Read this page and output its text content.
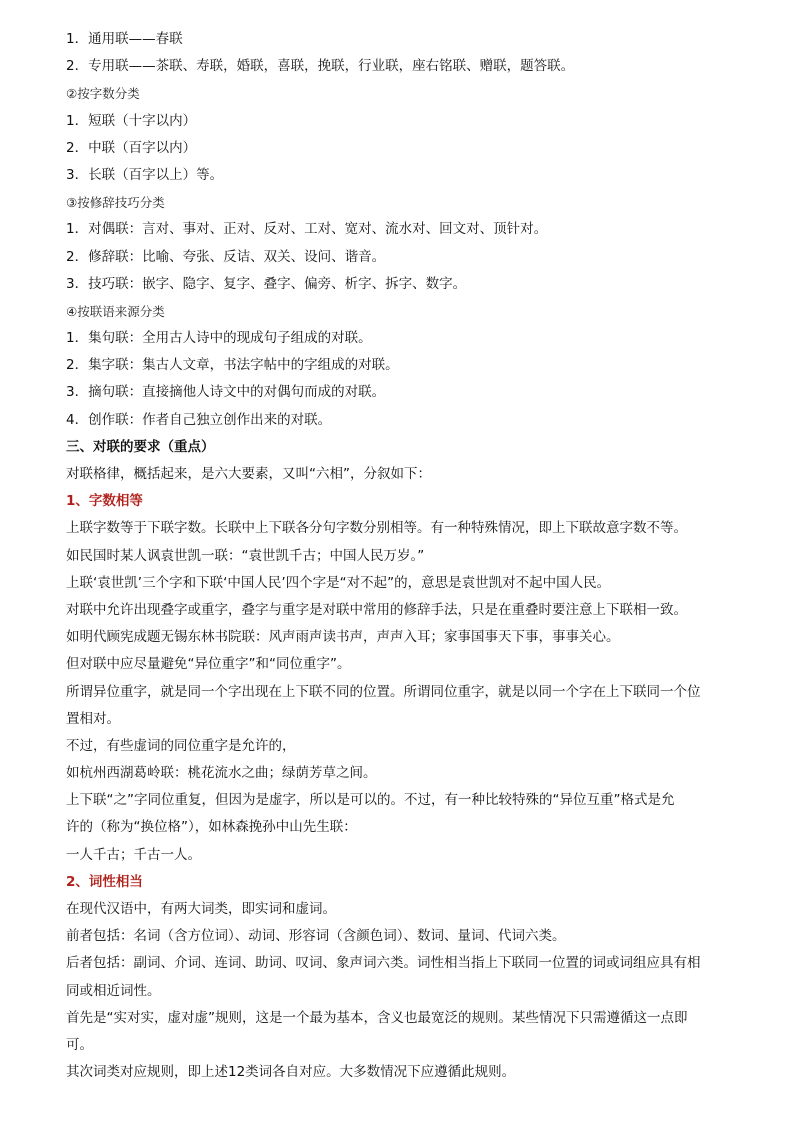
1．通用联——春联
2．专用联——茶联、寿联，婚联，喜联，挽联，行业联，座右铭联、赠联，题答联。
②按字数分类
1．短联（十字以内）
2．中联（百字以内）
3．长联（百字以上）等。
③按修辞技巧分类
1．对偶联：言对、事对、正对、反对、工对、宽对、流水对、回文对、顶针对。
2．修辞联：比喻、夸张、反诘、双关、设问、谐音。
3．技巧联：嵌字、隐字、复字、叠字、偏旁、析字、拆字、数字。
④按联语来源分类
1．集句联：全用古人诗中的现成句子组成的对联。
2．集字联：集古人文章，书法字帖中的字组成的对联。
3．摘句联：直接摘他人诗文中的对偶句而成的对联。
4．创作联：作者自己独立创作出来的对联。
三、对联的要求（重点）
对联格律，概括起来，是六大要素，又叫“六相”，分叙如下：
1、字数相等
上联字数等于下联字数。长联中上下联各分句字数分别相等。有一种特殊情况，即上下联故意字数不等。
如民国时某人讽袁世凯一联：“袁世凯千古；中国人民万岁。”
上联‘袁世凯’三个字和下联‘中国人民’四个字是“对不起”的，意思是袁世凯对不起中国人民。
对联中允许出现叠字或重字，叠字与重字是对联中常用的修辞手法，只是在重叠时要注意上下联相一致。
如明代顾宪成题无锡东林书院联：风声雨声读书声，声声入耳；家事国事天下事，事事关心。
但对联中应尽量避免“异位重字”和“同位重字”。
所谓异位重字，就是同一个字出现在上下联不同的位置。所谓同位重字，就是以同一个字在上下联同一个位
置相对。
不过，有些虚词的同位重字是允许的，
如杭州西湖葛岭联：桃花流水之曲；绿荫芳草之间。
上下联“之”字同位重复，但因为是虚字，所以是可以的。不过，有一种比较特殊的“异位互重”格式是允
许的（称为“换位格”），如林森挽孙中山先生联：
一人千古；千古一人。
2、词性相当
在现代汉语中，有两大词类，即实词和虚词。
前者包括：名词（含方位词）、动词、形容词（含颜色词）、数词、量词、代词六类。
后者包括：副词、介词、连词、助词、叹词、象声词六类。词性相当指上下联同一位置的词或词组应具有相
同或相近词性。
首先是“实对实，虚对虚”规则，这是一个最为基本，含义也最宽泛的规则。某些情况下只需遵循这一点即
可。
其次词类对应规则，即上述12类词各自对应。大多数情况下应遵循此规则。
